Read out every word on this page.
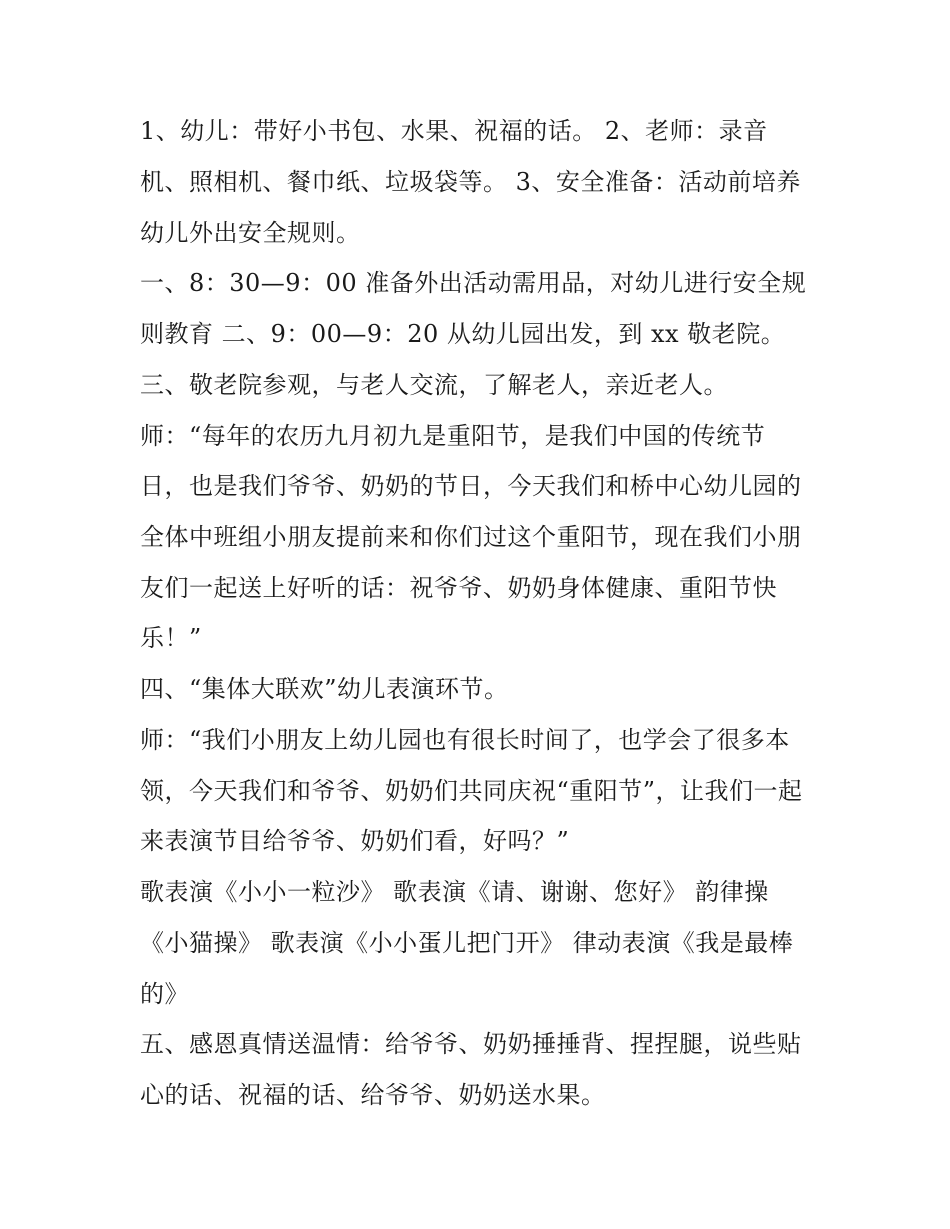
1、幼儿：带好小书包、水果、祝福的话。 2、老师：录音
机、照相机、餐巾纸、垃圾袋等。 3、安全准备：活动前培养
幼儿外出安全规则。
一、8：30—9：00 准备外出活动需用品，对幼儿进行安全规
则教育 二、9：00—9：20 从幼儿园出发，到 xx 敬老院。
三、敬老院参观，与老人交流，了解老人，亲近老人。
师：“每年的农历九月初九是重阳节，是我们中国的传统节
日，也是我们爷爷、奶奶的节日，今天我们和桥中心幼儿园的
全体中班组小朋友提前来和你们过这个重阳节，现在我们小朋
友们一起送上好听的话：祝爷爷、奶奶身体健康、重阳节快
乐！”
四、“集体大联欢”幼儿表演环节。
师：“我们小朋友上幼儿园也有很长时间了，也学会了很多本
领，今天我们和爷爷、奶奶们共同庆祝“重阳节”，让我们一起
来表演节目给爷爷、奶奶们看，好吗？”
歌表演《小小一粒沙》 歌表演《请、谢谢、您好》 韵律操
《小猫操》 歌表演《小小蛋儿把门开》 律动表演《我是最棒
的》
五、感恩真情送温情：给爷爷、奶奶捶捶背、捏捏腿，说些贴
心的话、祝福的话、给爷爷、奶奶送水果。
